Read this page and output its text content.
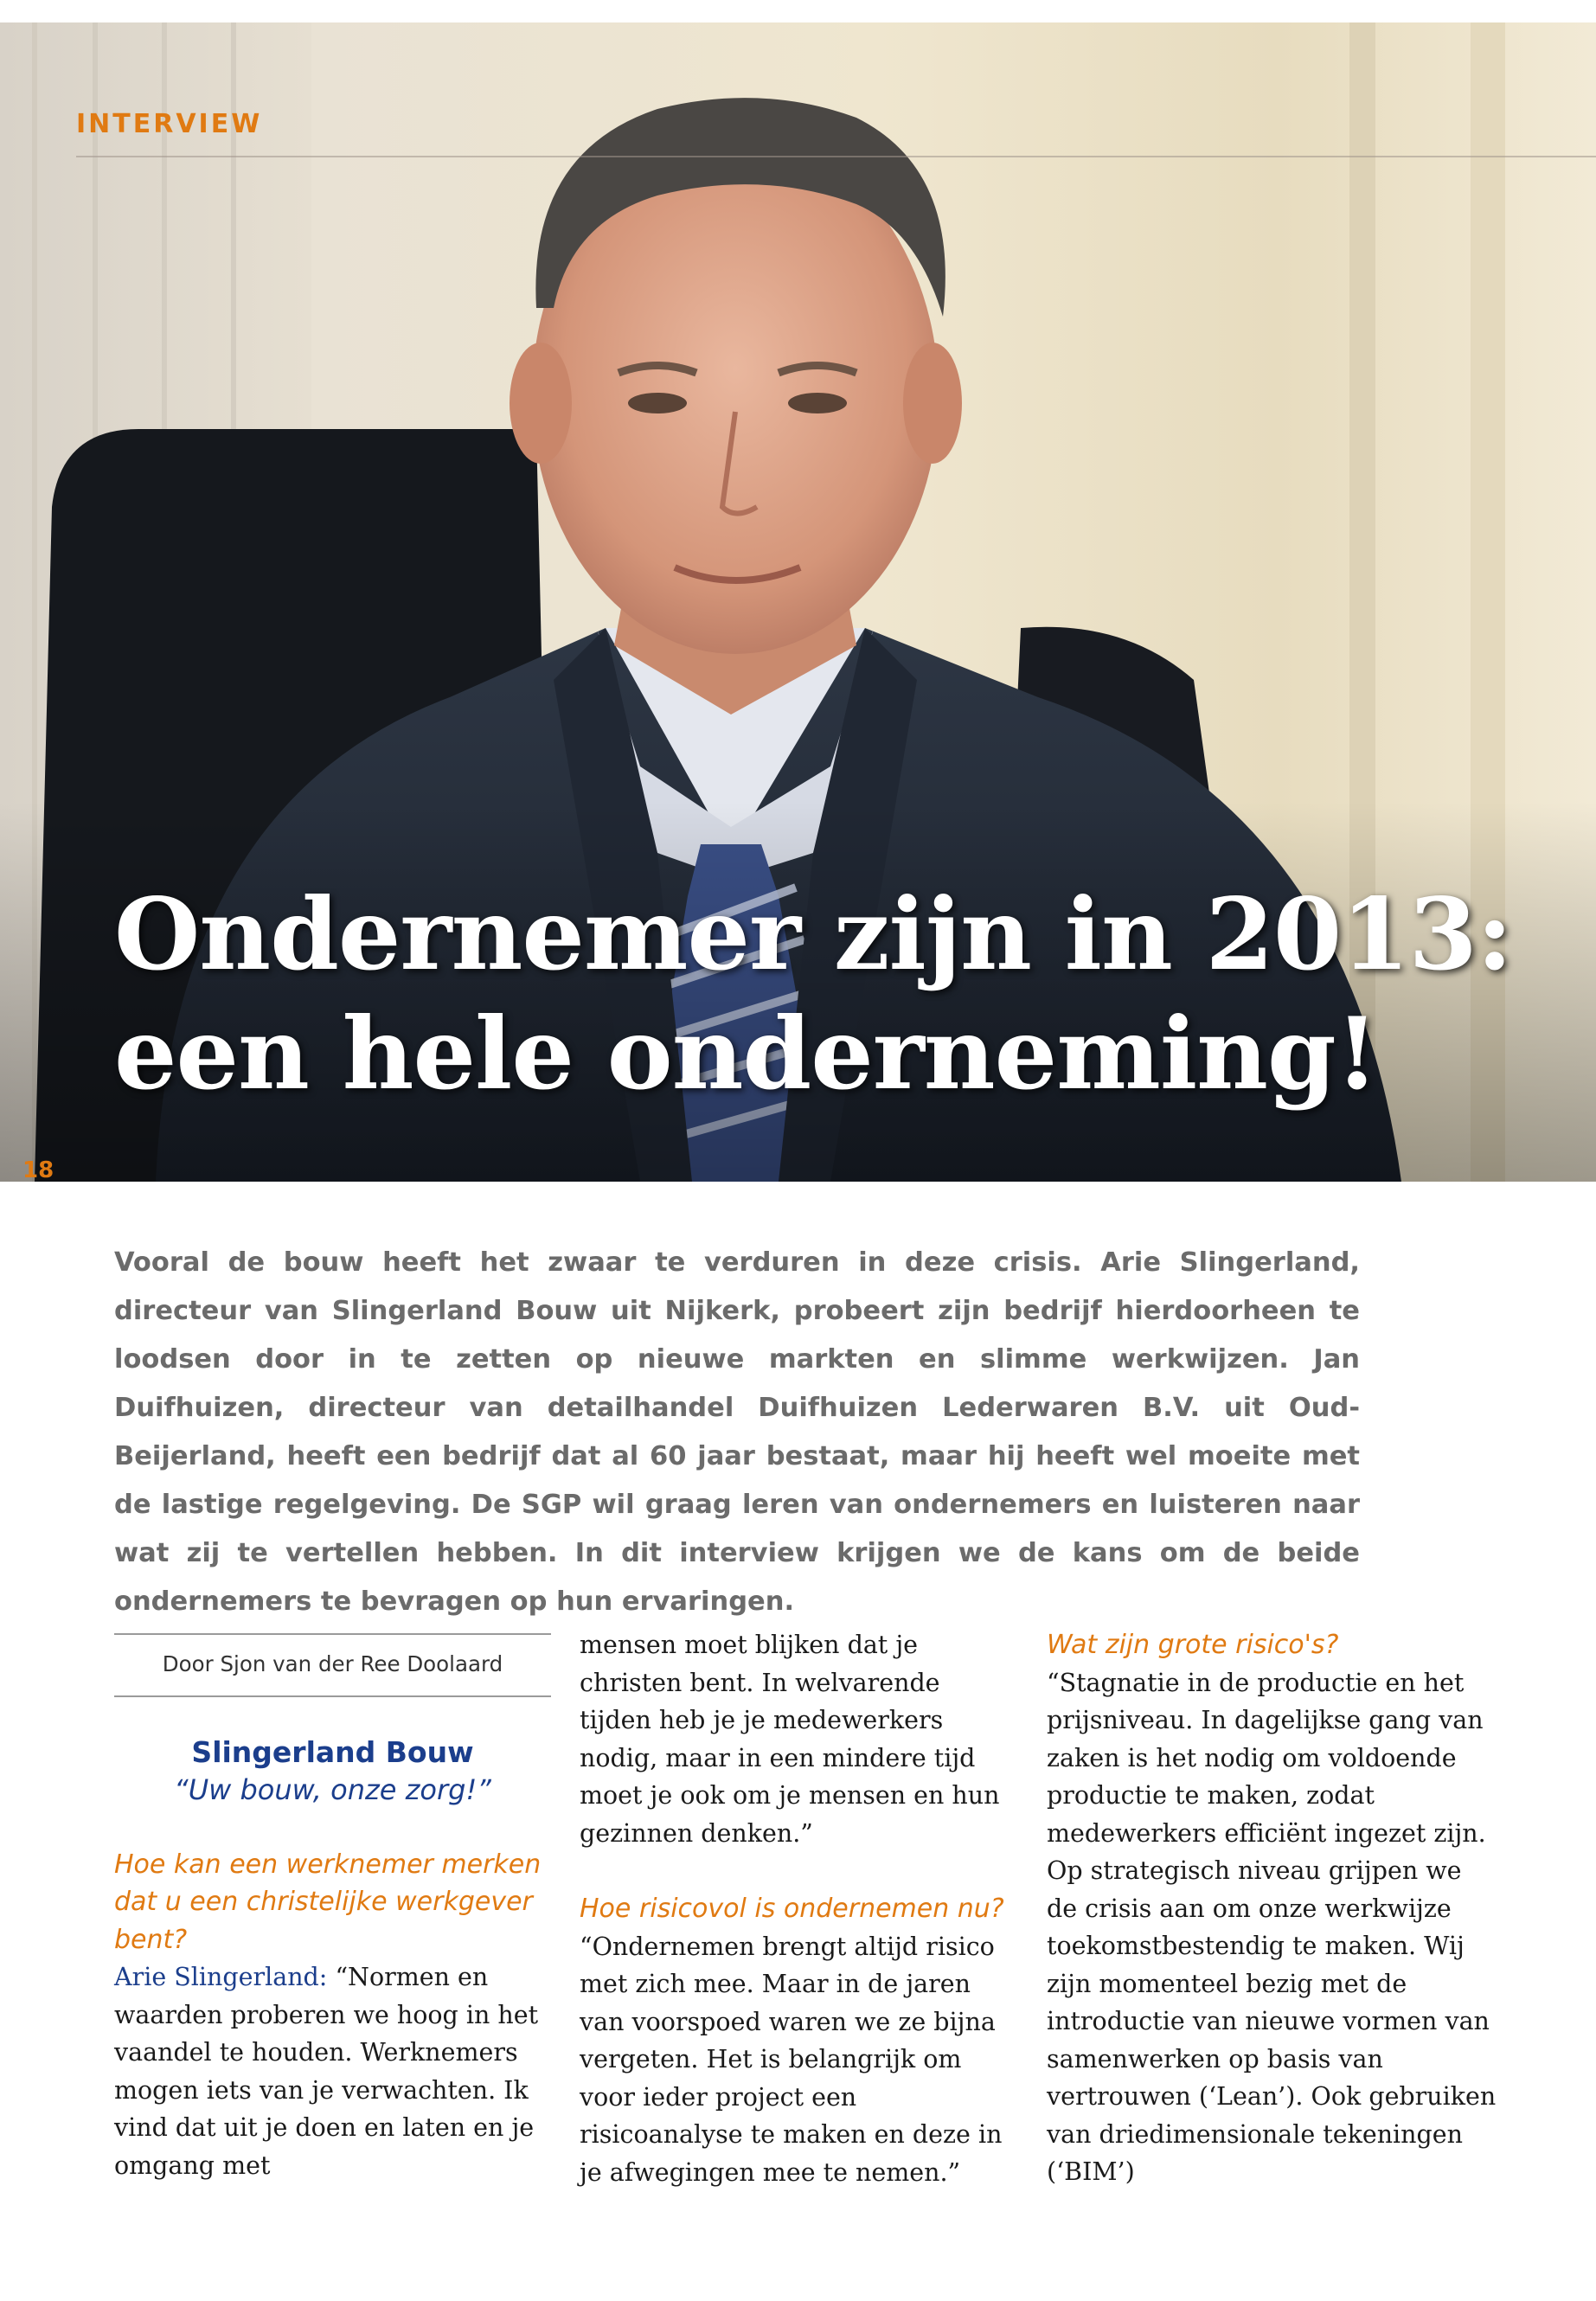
INTERVIEW
Ondernemer zijn in 2013:
een hele onderneming!
18

Vooral de bouw heeft het zwaar te verduren in deze crisis. Arie Slingerland, directeur van Slingerland Bouw uit Nijkerk, probeert zijn bedrijf hierdoorheen te loodsen door in te zetten op nieuwe markten en slimme werkwijzen. Jan Duifhuizen, directeur van detailhandel Duifhuizen Lederwaren B.V. uit Oud-Beijerland, heeft een bedrijf dat al 60 jaar bestaat, maar hij heeft wel moeite met de lastige regelgeving. De SGP wil graag leren van ondernemers en luisteren naar wat zij te vertellen hebben. In dit interview krijgen we de kans om de beide ondernemers te bevragen op hun ervaringen.

Door Sjon van der Ree Doolaard
Slingerland Bouw
“Uw bouw, onze zorg!”
Hoe kan een werknemer merken dat u een christelijke werkgever bent?

Arie Slingerland: “Normen en waarden proberen we hoog in het vaandel te houden. Werknemers mogen iets van je verwachten. Ik vind dat uit je doen en laten en je omgang met

mensen moet blijken dat je christen bent. In welvarende tijden heb je je medewerkers nodig, maar in een mindere tijd moet je ook om je mensen en hun gezinnen denken.”

Hoe risicovol is ondernemen nu?

“Ondernemen brengt altijd risico met zich mee. Maar in de jaren van voorspoed waren we ze bijna vergeten. Het is belangrijk om voor ieder project een risicoanalyse te maken en deze in je afwegingen mee te nemen.”

Wat zijn grote risico's?

“Stagnatie in de productie en het prijsniveau. In dagelijkse gang van zaken is het nodig om voldoende productie te maken, zodat medewerkers efficiënt ingezet zijn. Op strategisch niveau grijpen we de crisis aan om onze werkwijze toekomstbestendig te maken. Wij zijn momenteel bezig met de introductie van nieuwe vormen van samenwerken op basis van vertrouwen (‘Lean’). Ook gebruiken van driedimensionale tekeningen (‘BIM’)
